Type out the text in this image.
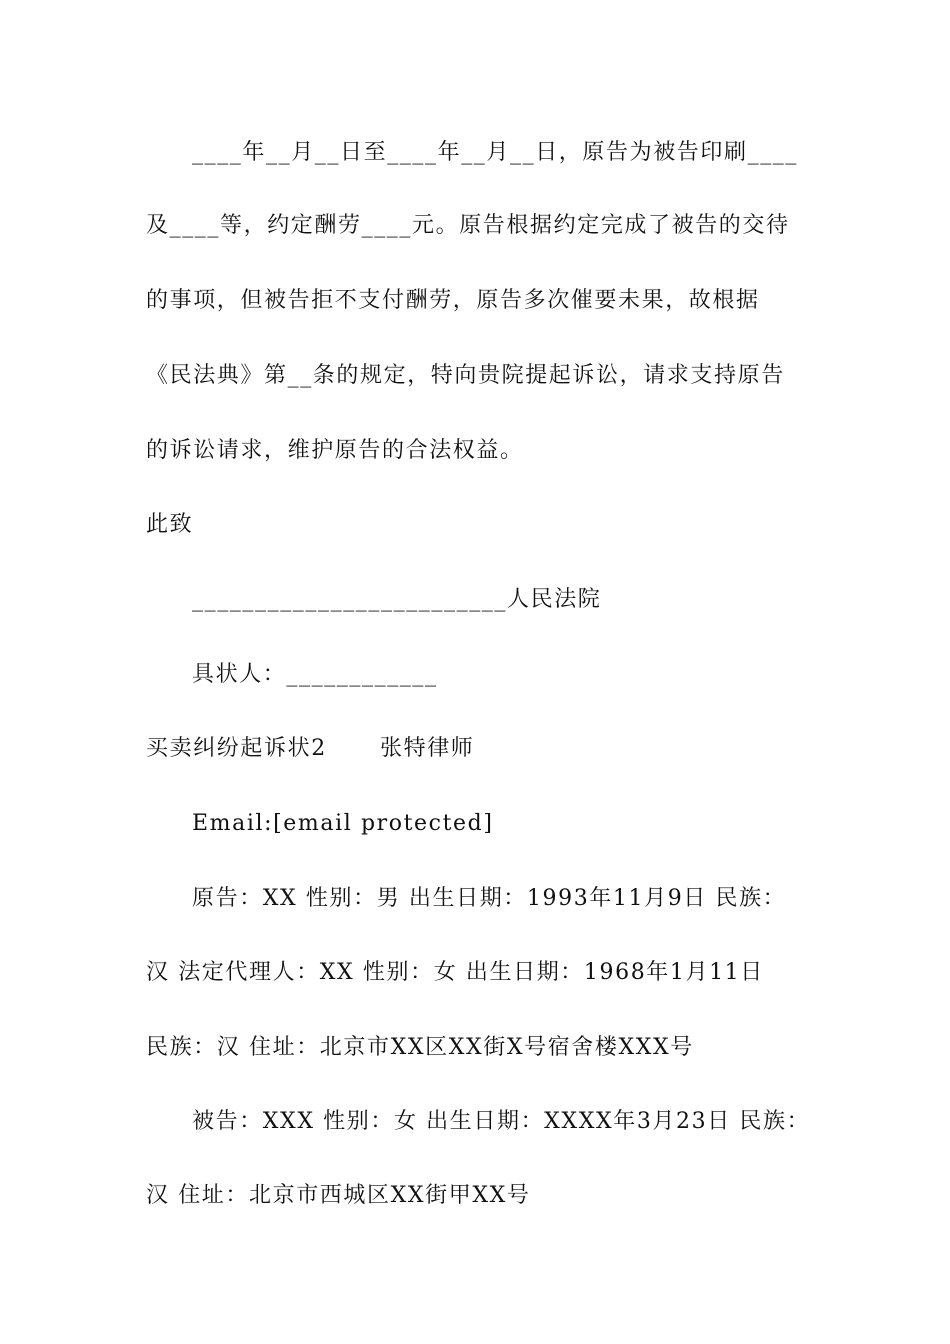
____年__月__日至____年__月__日，原告为被告印刷____
及____等，约定酬劳____元。原告根据约定完成了被告的交待
的事项，但被告拒不支付酬劳，原告多次催要未果，故根据
《民法典》第__条的规定，特向贵院提起诉讼，请求支持原告
的诉讼请求，维护原告的合法权益。
此致
_________________________人民法院
具状人：____________
买卖纠纷起诉状2	张特律师
Email:[email protected]
原告：XX 性别：男 出生日期：1993年11月9日 民族：
汉 法定代理人：XX 性别：女 出生日期：1968年1月11日
民族：汉 住址：北京市XX区XX街X号宿舍楼XXX号
被告：XXX 性别：女 出生日期：XXXX年3月23日 民族：
汉 住址：北京市西城区XX街甲XX号
